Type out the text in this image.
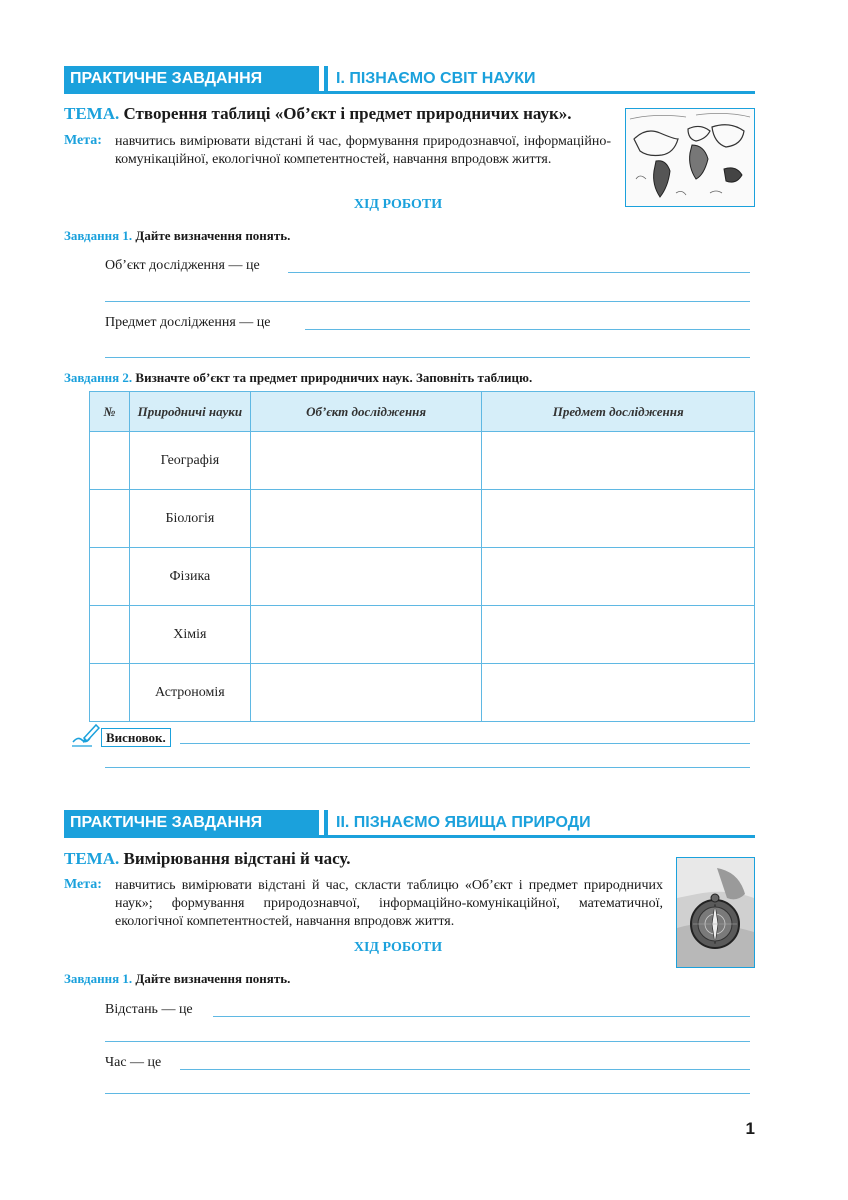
ПРАКТИЧНЕ ЗАВДАННЯ	І. ПІЗНАЄМО СВІТ НАУКИ
ТЕМА. Створення таблиці «Об’єкт і предмет природничих наук».
Мета: навчитись вимірювати відстані й час, формування природознавчої, інформаційно-комунікаційної, екологічної компетентностей, навчання впродовж життя.
ХІД РОБОТИ
Завдання 1. Дайте визначення понять.
Об’єкт дослідження — це
Предмет дослідження — це
Завдання 2. Визначте об’єкт та предмет природничих наук. Заповніть таблицю.
№	Природничі науки	Об’єкт дослідження	Предмет дослідження
	Географія		
	Біологія		
	Фізика		
	Хімія		
	Астрономія		
Висновок.
ПРАКТИЧНЕ ЗАВДАННЯ	ІІ. ПІЗНАЄМО ЯВИЩА ПРИРОДИ
ТЕМА. Вимірювання відстані й часу.
Мета: навчитись вимірювати відстані й час, скласти таблицю «Об’єкт і предмет природничих наук»; формування природознавчої, інформаційно-комунікаційної, математичної, екологічної компетентностей, навчання впродовж життя.
ХІД РОБОТИ
Завдання 1. Дайте визначення понять.
Відстань — це
Час — це
1
